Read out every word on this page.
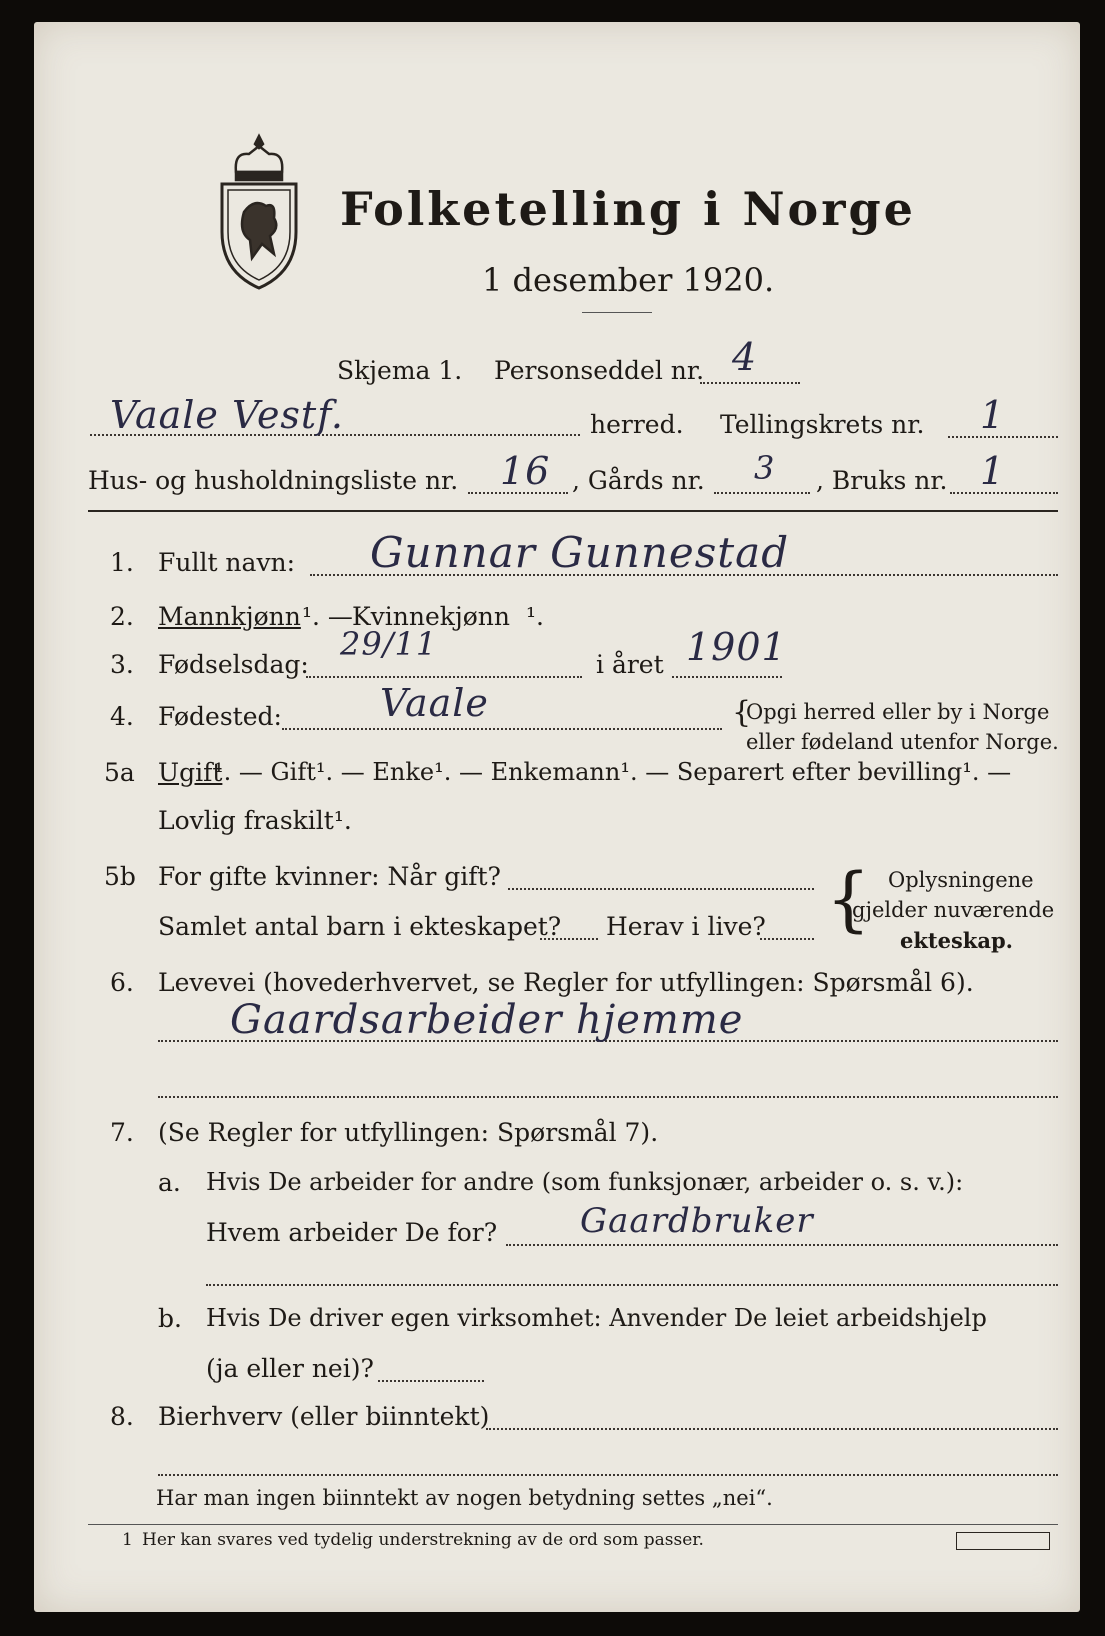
Folketelling i Norge
1 desember 1920.
Skjema 1. Personseddel nr. 4
Vaale Vestf.	herred. Tellingskrets nr. 1
Hus- og husholdningsliste nr. 16 , Gårds nr. 3 , Bruks nr. 1
1. Fullt navn: Gunnar Gunnestad
2. Mannkjønn ¹. — Kvinnekjønn ¹.
3. Fødselsdag:
29/11
i året 1901
4. Fødested:	Vaale	{
Opgi herred eller by i Norge
eller fødeland utenfor Norge.
5a Ugift
¹. — Gift¹. — Enke¹. — Enkemann¹. — Separert efter bevilling¹. —
Lovlig fraskilt¹.
5b For gifte kvinner: Når gift?
Samlet antal barn i ekteskapet? Herav i live? { Oplysningene
gjelder nuværende
ekteskap.
6. Levevei (hovederhvervet, se Regler for utfyllingen: Spørsmål 6).
Gaardsarbeider hjemme
7. (Se Regler for utfyllingen: Spørsmål 7).
a. Hvis De arbeider for andre (som funksjonær, arbeider o. s. v.):
Hvem arbeider De for? Gaardbruker
b. Hvis De driver egen virksomhet: Anvender De leiet arbeidshjelp
(ja eller nei)?
8. Bierhverv (eller biinntekt)
Har man ingen biinntekt av nogen betydning settes „nei“.
1 Her kan svares ved tydelig understrekning av de ord som passer.
